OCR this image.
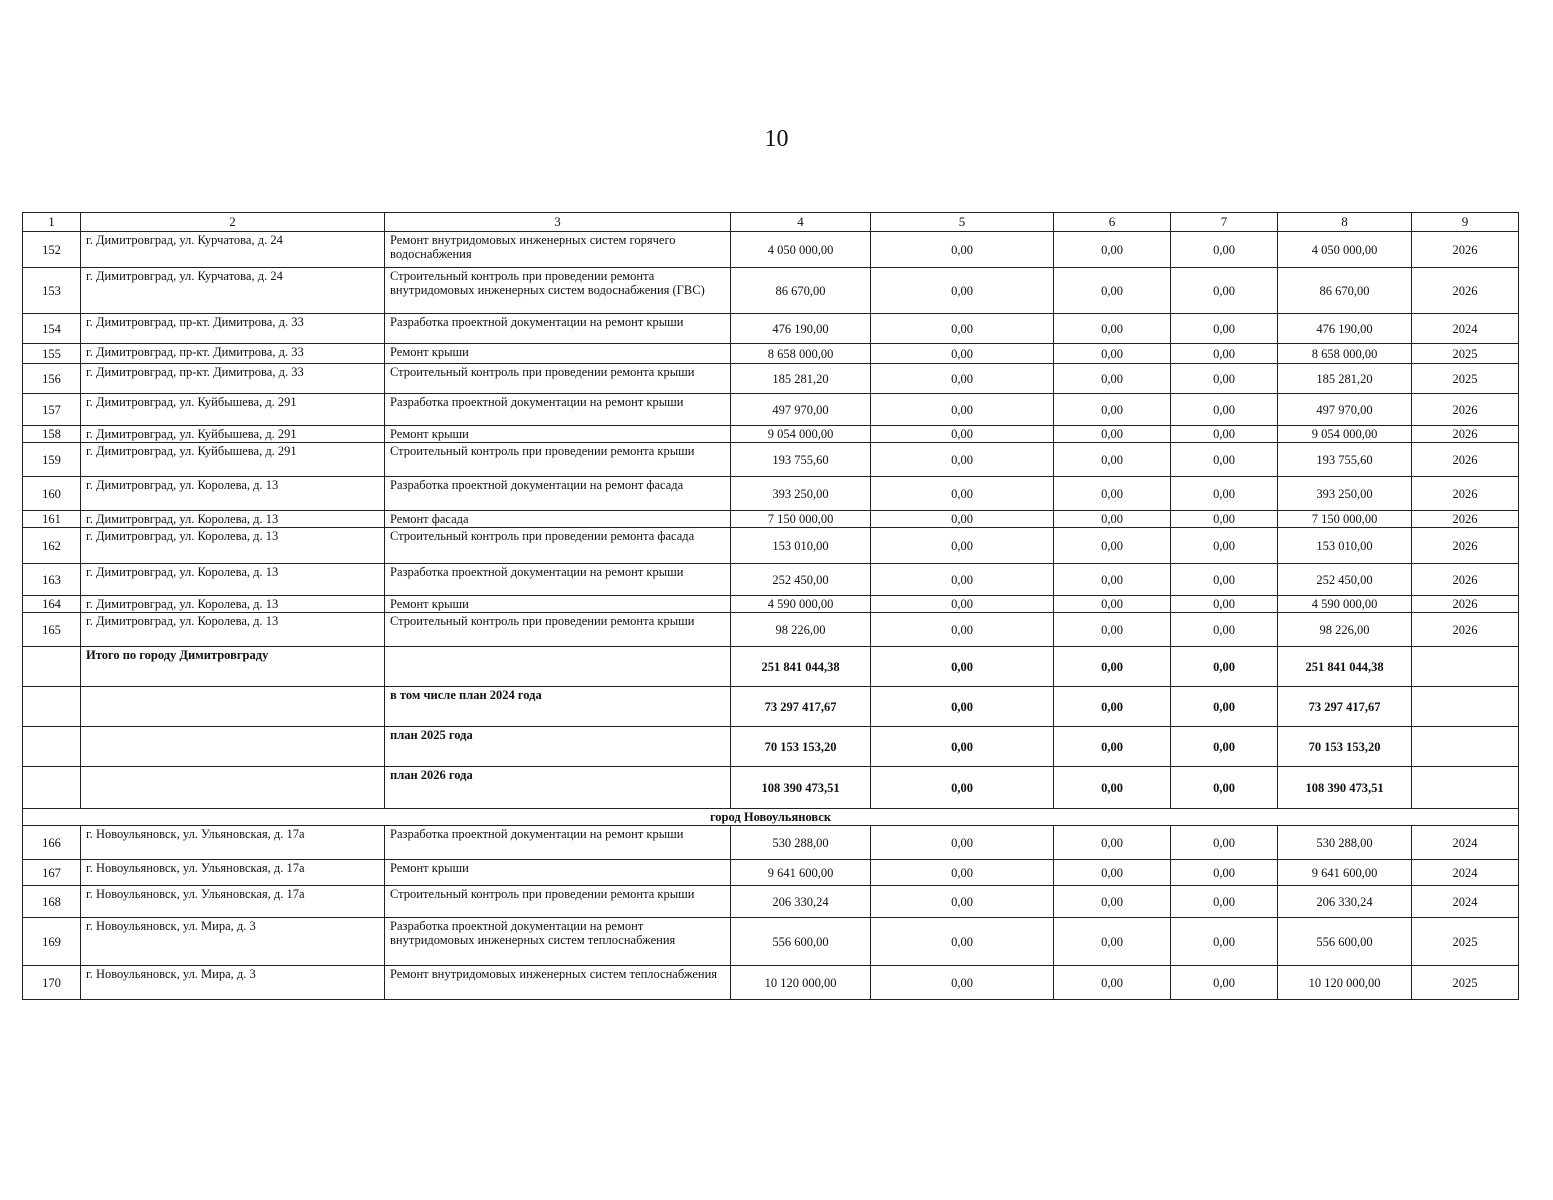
10
1	2	3	4	5	6	7	8	9
152	г. Димитровград, ул. Курчатова, д. 24	Ремонт внутридомовых инженерных систем горячего водоснабжения	4 050 000,00	0,00	0,00	0,00	4 050 000,00	2026
153	г. Димитровград, ул. Курчатова, д. 24	Строительный контроль при проведении ремонта внутридомовых инженерных систем водоснабжения (ГВС)	86 670,00	0,00	0,00	0,00	86 670,00	2026
154	г. Димитровград, пр-кт. Димитрова, д. 33	Разработка проектной документации на ремонт крыши	476 190,00	0,00	0,00	0,00	476 190,00	2024
155	г. Димитровград, пр-кт. Димитрова, д. 33	Ремонт крыши	8 658 000,00	0,00	0,00	0,00	8 658 000,00	2025
156	г. Димитровград, пр-кт. Димитрова, д. 33	Строительный контроль при проведении ремонта крыши	185 281,20	0,00	0,00	0,00	185 281,20	2025
157	г. Димитровград, ул. Куйбышева, д. 291	Разработка проектной документации на ремонт крыши	497 970,00	0,00	0,00	0,00	497 970,00	2026
158	г. Димитровград, ул. Куйбышева, д. 291	Ремонт крыши	9 054 000,00	0,00	0,00	0,00	9 054 000,00	2026
159	г. Димитровград, ул. Куйбышева, д. 291	Строительный контроль при проведении ремонта крыши	193 755,60	0,00	0,00	0,00	193 755,60	2026
160	г. Димитровград, ул. Королева, д. 13	Разработка проектной документации на ремонт фасада	393 250,00	0,00	0,00	0,00	393 250,00	2026
161	г. Димитровград, ул. Королева, д. 13	Ремонт фасада	7 150 000,00	0,00	0,00	0,00	7 150 000,00	2026
162	г. Димитровград, ул. Королева, д. 13	Строительный контроль при проведении ремонта фасада	153 010,00	0,00	0,00	0,00	153 010,00	2026
163	г. Димитровград, ул. Королева, д. 13	Разработка проектной документации на ремонт крыши	252 450,00	0,00	0,00	0,00	252 450,00	2026
164	г. Димитровград, ул. Королева, д. 13	Ремонт крыши	4 590 000,00	0,00	0,00	0,00	4 590 000,00	2026
165	г. Димитровград, ул. Королева, д. 13	Строительный контроль при проведении ремонта крыши	98 226,00	0,00	0,00	0,00	98 226,00	2026
	Итого по городу Димитровграду		251 841 044,38	0,00	0,00	0,00	251 841 044,38	
		в том числе план 2024 года	73 297 417,67	0,00	0,00	0,00	73 297 417,67	
		план 2025 года	70 153 153,20	0,00	0,00	0,00	70 153 153,20	
		план 2026 года	108 390 473,51	0,00	0,00	0,00	108 390 473,51	
город Новоульяновск								
166	г. Новоульяновск, ул. Ульяновская, д. 17а	Разработка проектной документации на ремонт крыши	530 288,00	0,00	0,00	0,00	530 288,00	2024
167	г. Новоульяновск, ул. Ульяновская, д. 17а	Ремонт крыши	9 641 600,00	0,00	0,00	0,00	9 641 600,00	2024
168	г. Новоульяновск, ул. Ульяновская, д. 17а	Строительный контроль при проведении ремонта крыши	206 330,24	0,00	0,00	0,00	206 330,24	2024
169	г. Новоульяновск, ул. Мира, д. 3	Разработка проектной документации на ремонт внутридомовых инженерных систем теплоснабжения	556 600,00	0,00	0,00	0,00	556 600,00	2025
170	г. Новоульяновск, ул. Мира, д. 3	Ремонт внутридомовых инженерных систем теплоснабжения	10 120 000,00	0,00	0,00	0,00	10 120 000,00	2025
